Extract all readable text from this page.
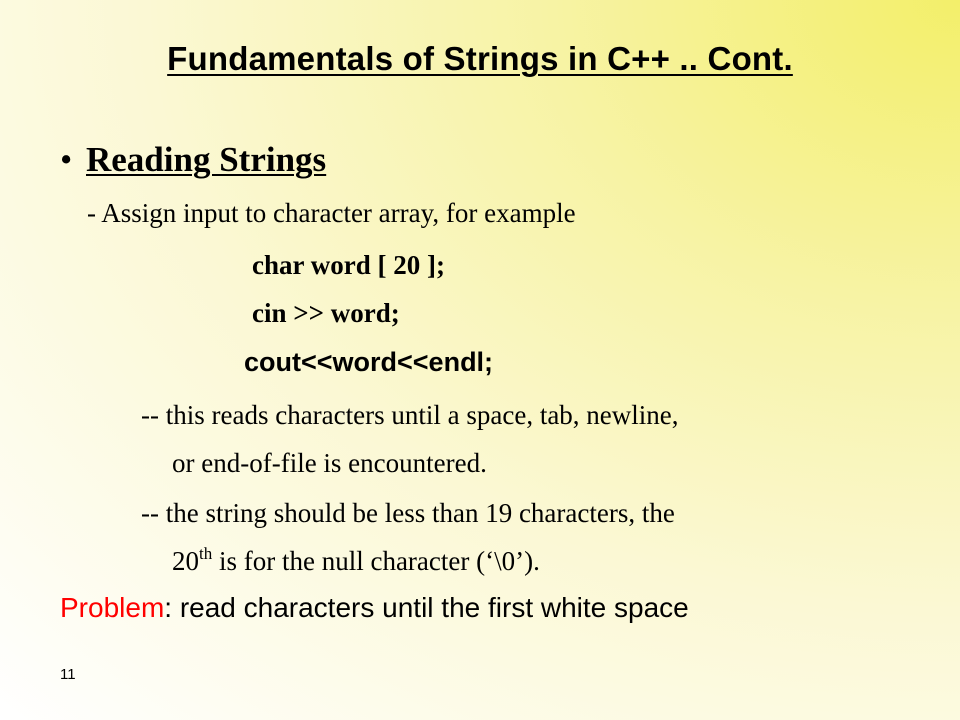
Fundamentals of Strings in C++ .. Cont.
• Reading Strings
- Assign input to character array, for example
char word [ 20 ];
cin >> word;
cout<<word<<endl;
-- this reads characters until a space, tab, newline,
or end-of-file is encountered.
-- the string should be less than 19 characters, the
20th is for the null character (‘\0’).
Problem: read characters until the first white space
11
